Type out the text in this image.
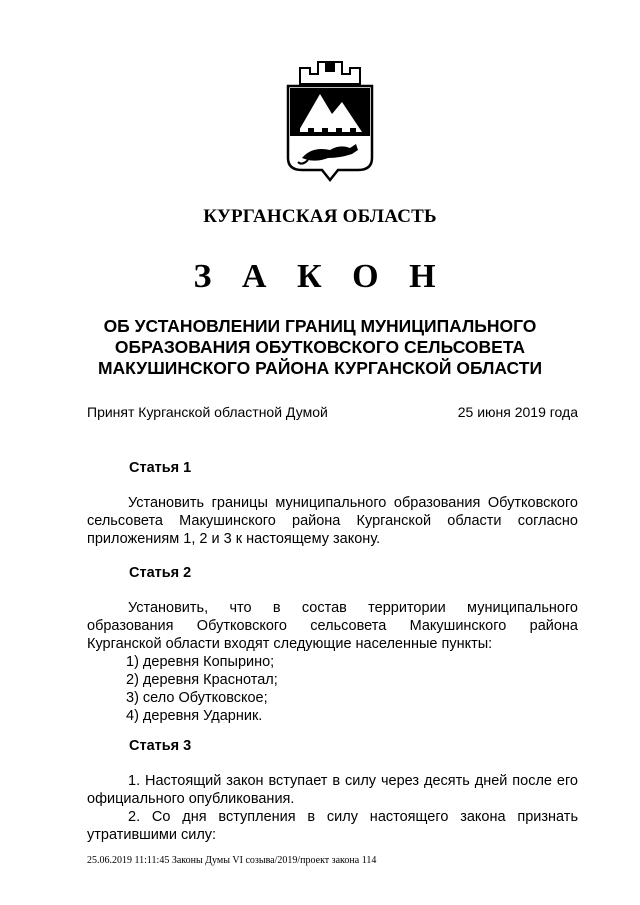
КУРГАНСКАЯ ОБЛАСТЬ
З А К О Н
ОБ УСТАНОВЛЕНИИ ГРАНИЦ МУНИЦИПАЛЬНОГО
ОБРАЗОВАНИЯ ОБУТКОВСКОГО СЕЛЬСОВЕТА
МАКУШИНСКОГО РАЙОНА КУРГАНСКОЙ ОБЛАСТИ
Принят Курганской областной Думой	25 июня 2019 года
Статья 1
Установить границы муниципального образования Обутковского сельсовета Макушинского района Курганской области согласно приложениям 1, 2 и 3 к настоящему закону.
Статья 2
Установить, что в состав территории муниципального образования Обутковского сельсовета Макушинского района Курганской области входят следующие населенные пункты:
1) деревня Копырино;
2) деревня Краснотал;
3) село Обутковское;
4) деревня Ударник.
Статья 3
1. Настоящий закон вступает в силу через десять дней после его официального опубликования.
2. Со дня вступления в силу настоящего закона признать утратившими силу:
25.06.2019 11:11:45 Законы Думы VI созыва/2019/проект закона 114
